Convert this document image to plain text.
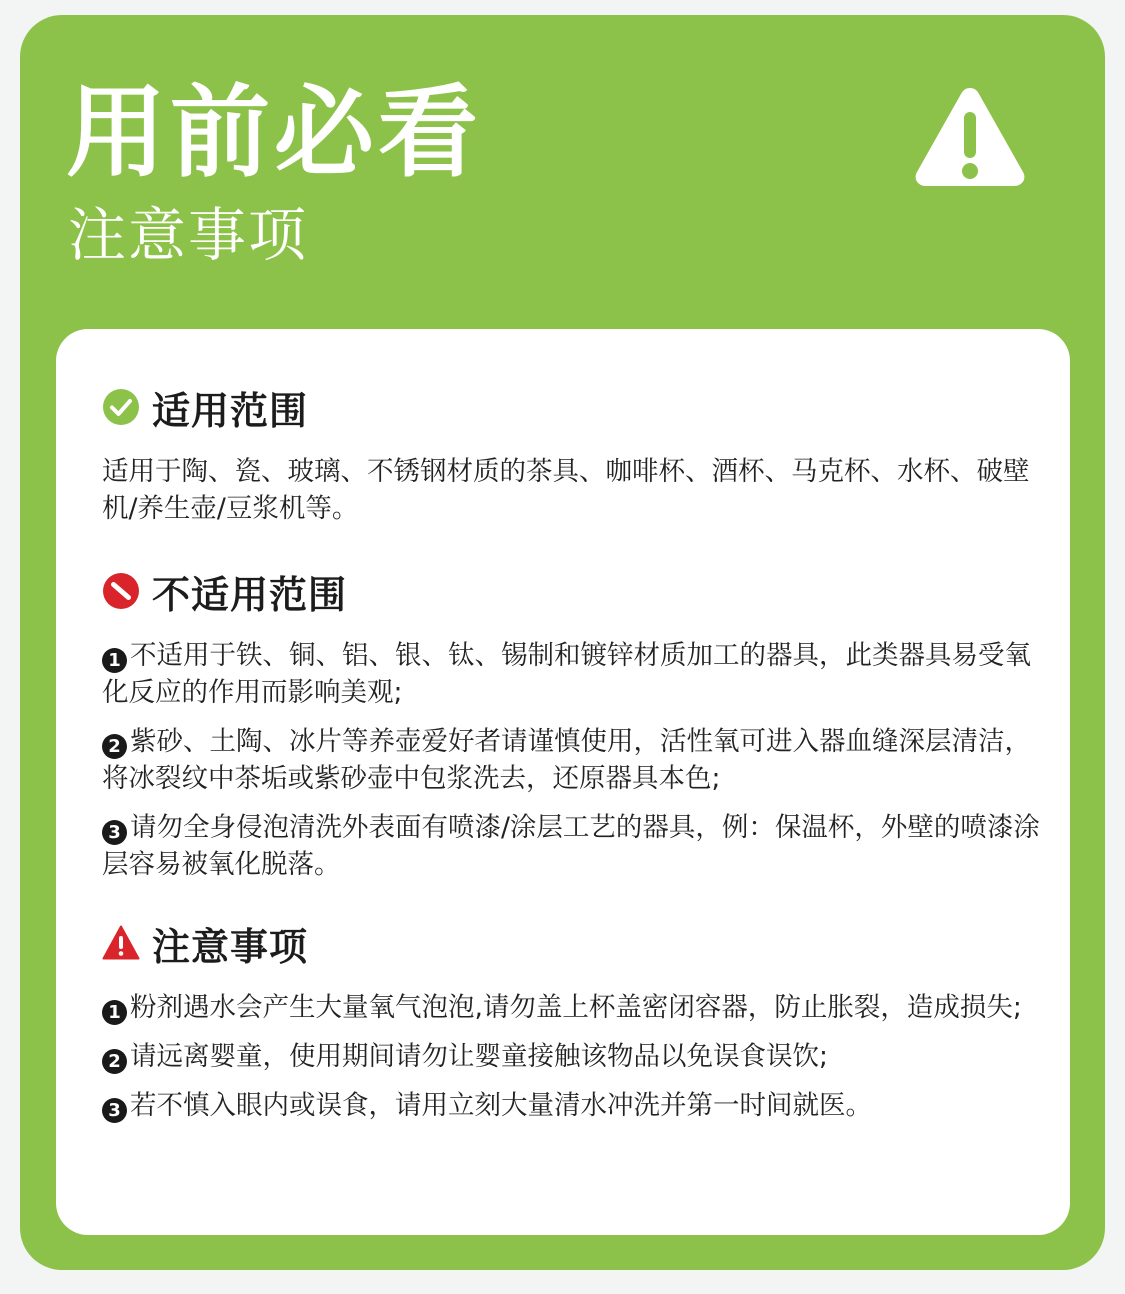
用前必看
注意事项
适用范围

适用于陶、瓷、玻璃、不锈钢材质的茶具、咖啡杯、酒杯、马克杯、水杯、破壁机/养生壶/豆浆机等。

不适用范围

1 不适用于铁、铜、铝、银、钛、锡制和镀锌材质加工的器具，此类器具易受氧化反应的作用而影响美观;

2 紫砂、土陶、冰片等养壶爱好者请谨慎使用，活性氧可进入器血缝深层清洁，将冰裂纹中茶垢或紫砂壶中包浆洗去，还原器具本色;

3 请勿全身侵泡清洗外表面有喷漆/涂层工艺的器具，例：保温杯，外壁的喷漆涂层容易被氧化脱落。

注意事项

1 粉剂遇水会产生大量氧气泡泡,请勿盖上杯盖密闭容器，防止胀裂，造成损失;

2 请远离婴童，使用期间请勿让婴童接触该物品以免误食误饮;

3 若不慎入眼内或误食，请用立刻大量清水冲洗并第一时间就医。
